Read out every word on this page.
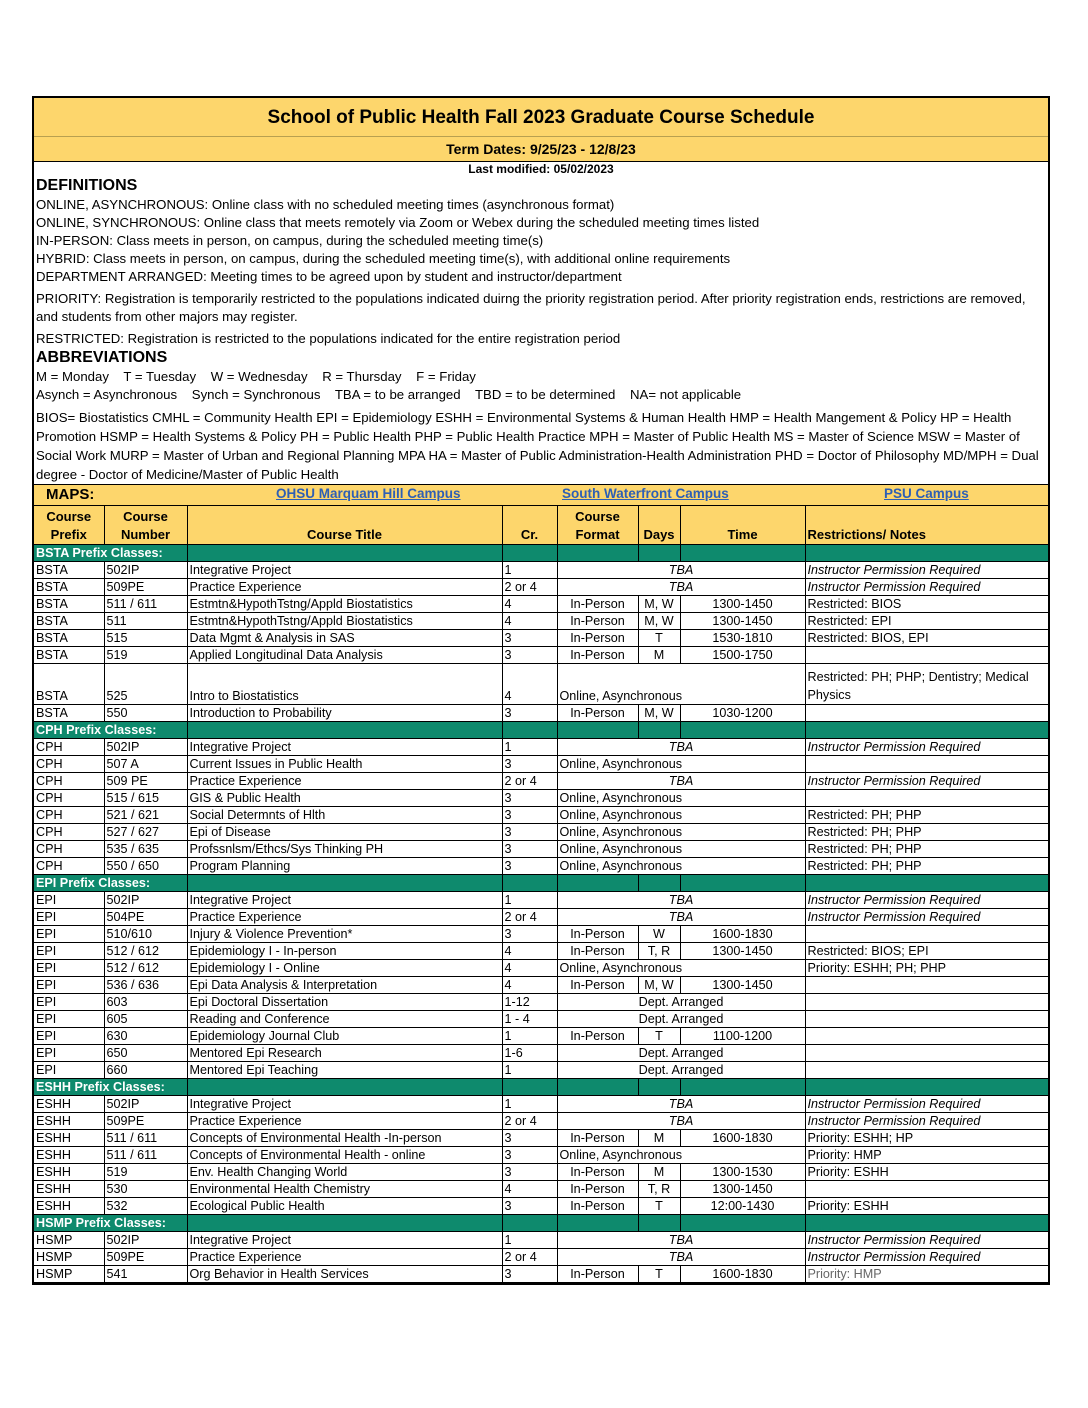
School of Public Health Fall 2023 Graduate Course Schedule
Term Dates: 9/25/23 - 12/8/23
Last modified: 05/02/2023
DEFINITIONS

ONLINE, ASYNCHRONOUS: Online class with no scheduled meeting times (asynchronous format)

ONLINE, SYNCHRONOUS: Online class that meets remotely via Zoom or Webex during the scheduled meeting times listed

IN-PERSON: Class meets in person, on campus, during the scheduled meeting time(s)

HYBRID: Class meets in person, on campus, during the scheduled meeting time(s), with additional online requirements

DEPARTMENT ARRANGED: Meeting times to be agreed upon by student and instructor/department

PRIORITY: Registration is temporarily restricted to the populations indicated duirng the priority registration period. After priority registration ends, restrictions are removed, and students from other majors may register.

RESTRICTED: Registration is restricted to the populations indicated for the entire registration period

ABBREVIATIONS

M = Monday    T = Tuesday    W = Wednesday    R = Thursday    F = Friday

Asynch = Asynchronous    Synch = Synchronous    TBA = to be arranged    TBD = to be determined    NA= not applicable

BIOS= Biostatistics CMHL = Community Health EPI = Epidemiology ESHH = Environmental Systems & Human Health HMP = Health Mangement & Policy HP = Health Promotion HSMP = Health Systems & Policy PH = Public Health PHP = Public Health Practice MPH = Master of Public Health MS = Master of Science MSW = Master of Social Work MURP = Master of Urban and Regional Planning MPA HA = Master of Public Administration-Health Administration PHD = Doctor of Philosophy MD/MPH = Dual degree - Doctor of Medicine/Master of Public Health

MAPS:	OHSU Marquam Hill Campus	South Waterfront Campus	PSU Campus
Course Prefix	Course Number	Course Title	Cr.	Course Format	Days	Time	Restrictions/ Notes
BSTA Prefix Classes:							
BSTA	502IP	Integrative Project	1	TBA			Instructor Permission Required
BSTA	509PE	Practice Experience	2 or 4	TBA			Instructor Permission Required
BSTA	511 / 611	Estmtn&HypothTstng/Appld Biostatistics	4	In-Person	M, W	1300-1450	Restricted: BIOS
BSTA	511	Estmtn&HypothTstng/Appld Biostatistics	4	In-Person	M, W	1300-1450	Restricted: EPI
BSTA	515	Data Mgmt & Analysis in SAS	3	In-Person	T	1530-1810	Restricted: BIOS, EPI
BSTA	519	Applied Longitudinal Data Analysis	3	In-Person	M	1500-1750	
BSTA	525	Intro to Biostatistics	4	Online, Asynchronous			Restricted: PH; PHP; Dentistry; Medical Physics
BSTA	550	Introduction to Probability	3	In-Person	M, W	1030-1200	
CPH Prefix Classes:							
CPH	502IP	Integrative Project	1	TBA			Instructor Permission Required
CPH	507 A	Current Issues in Public Health	3	Online, Asynchronous			
CPH	509 PE	Practice Experience	2 or 4	TBA			Instructor Permission Required
CPH	515 / 615	GIS & Public Health	3	Online, Asynchronous			
CPH	521 / 621	Social Determnts of Hlth	3	Online, Asynchronous			Restricted: PH; PHP
CPH	527 / 627	Epi of Disease	3	Online, Asynchronous			Restricted: PH; PHP
CPH	535 / 635	Profssnlsm/Ethcs/Sys Thinking PH	3	Online, Asynchronous			Restricted: PH; PHP
CPH	550 / 650	Program Planning	3	Online, Asynchronous			Restricted: PH; PHP
EPI Prefix Classes:							
EPI	502IP	Integrative Project	1	TBA			Instructor Permission Required
EPI	504PE	Practice Experience	2 or 4	TBA			Instructor Permission Required
EPI	510/610	Injury & Violence Prevention*	3	In-Person	W	1600-1830	
EPI	512 / 612	Epidemiology I - In-person	4	In-Person	T, R	1300-1450	Restricted: BIOS; EPI
EPI	512 / 612	Epidemiology I - Online	4	Online, Asynchronous			Priority: ESHH; PH; PHP
EPI	536 / 636	Epi Data Analysis & Interpretation	4	In-Person	M, W	1300-1450	
EPI	603	Epi Doctoral Dissertation	1-12	Dept. Arranged			
EPI	605	Reading and Conference	1 - 4	Dept. Arranged			
EPI	630	Epidemiology Journal Club	1	In-Person	T	1100-1200	
EPI	650	Mentored Epi Research	1-6	Dept. Arranged			
EPI	660	Mentored Epi Teaching	1	Dept. Arranged			
ESHH Prefix Classes:							
ESHH	502IP	Integrative Project	1	TBA			Instructor Permission Required
ESHH	509PE	Practice Experience	2 or 4	TBA			Instructor Permission Required
ESHH	511 / 611	Concepts of Environmental Health -In-person	3	In-Person	M	1600-1830	Priority: ESHH; HP
ESHH	511 / 611	Concepts of Environmental Health - online	3	Online, Asynchronous			Priority: HMP
ESHH	519	Env. Health Changing World	3	In-Person	M	1300-1530	Priority: ESHH
ESHH	530	Environmental Health Chemistry	4	In-Person	T, R	1300-1450	
ESHH	532	Ecological Public Health	3	In-Person	T	12:00-1430	Priority: ESHH
HSMP Prefix Classes:							
HSMP	502IP	Integrative Project	1	TBA			Instructor Permission Required
HSMP	509PE	Practice Experience	2 or 4	TBA			Instructor Permission Required
HSMP	541	Org Behavior in Health Services	3	In-Person	T	1600-1830	Priority: HMP
